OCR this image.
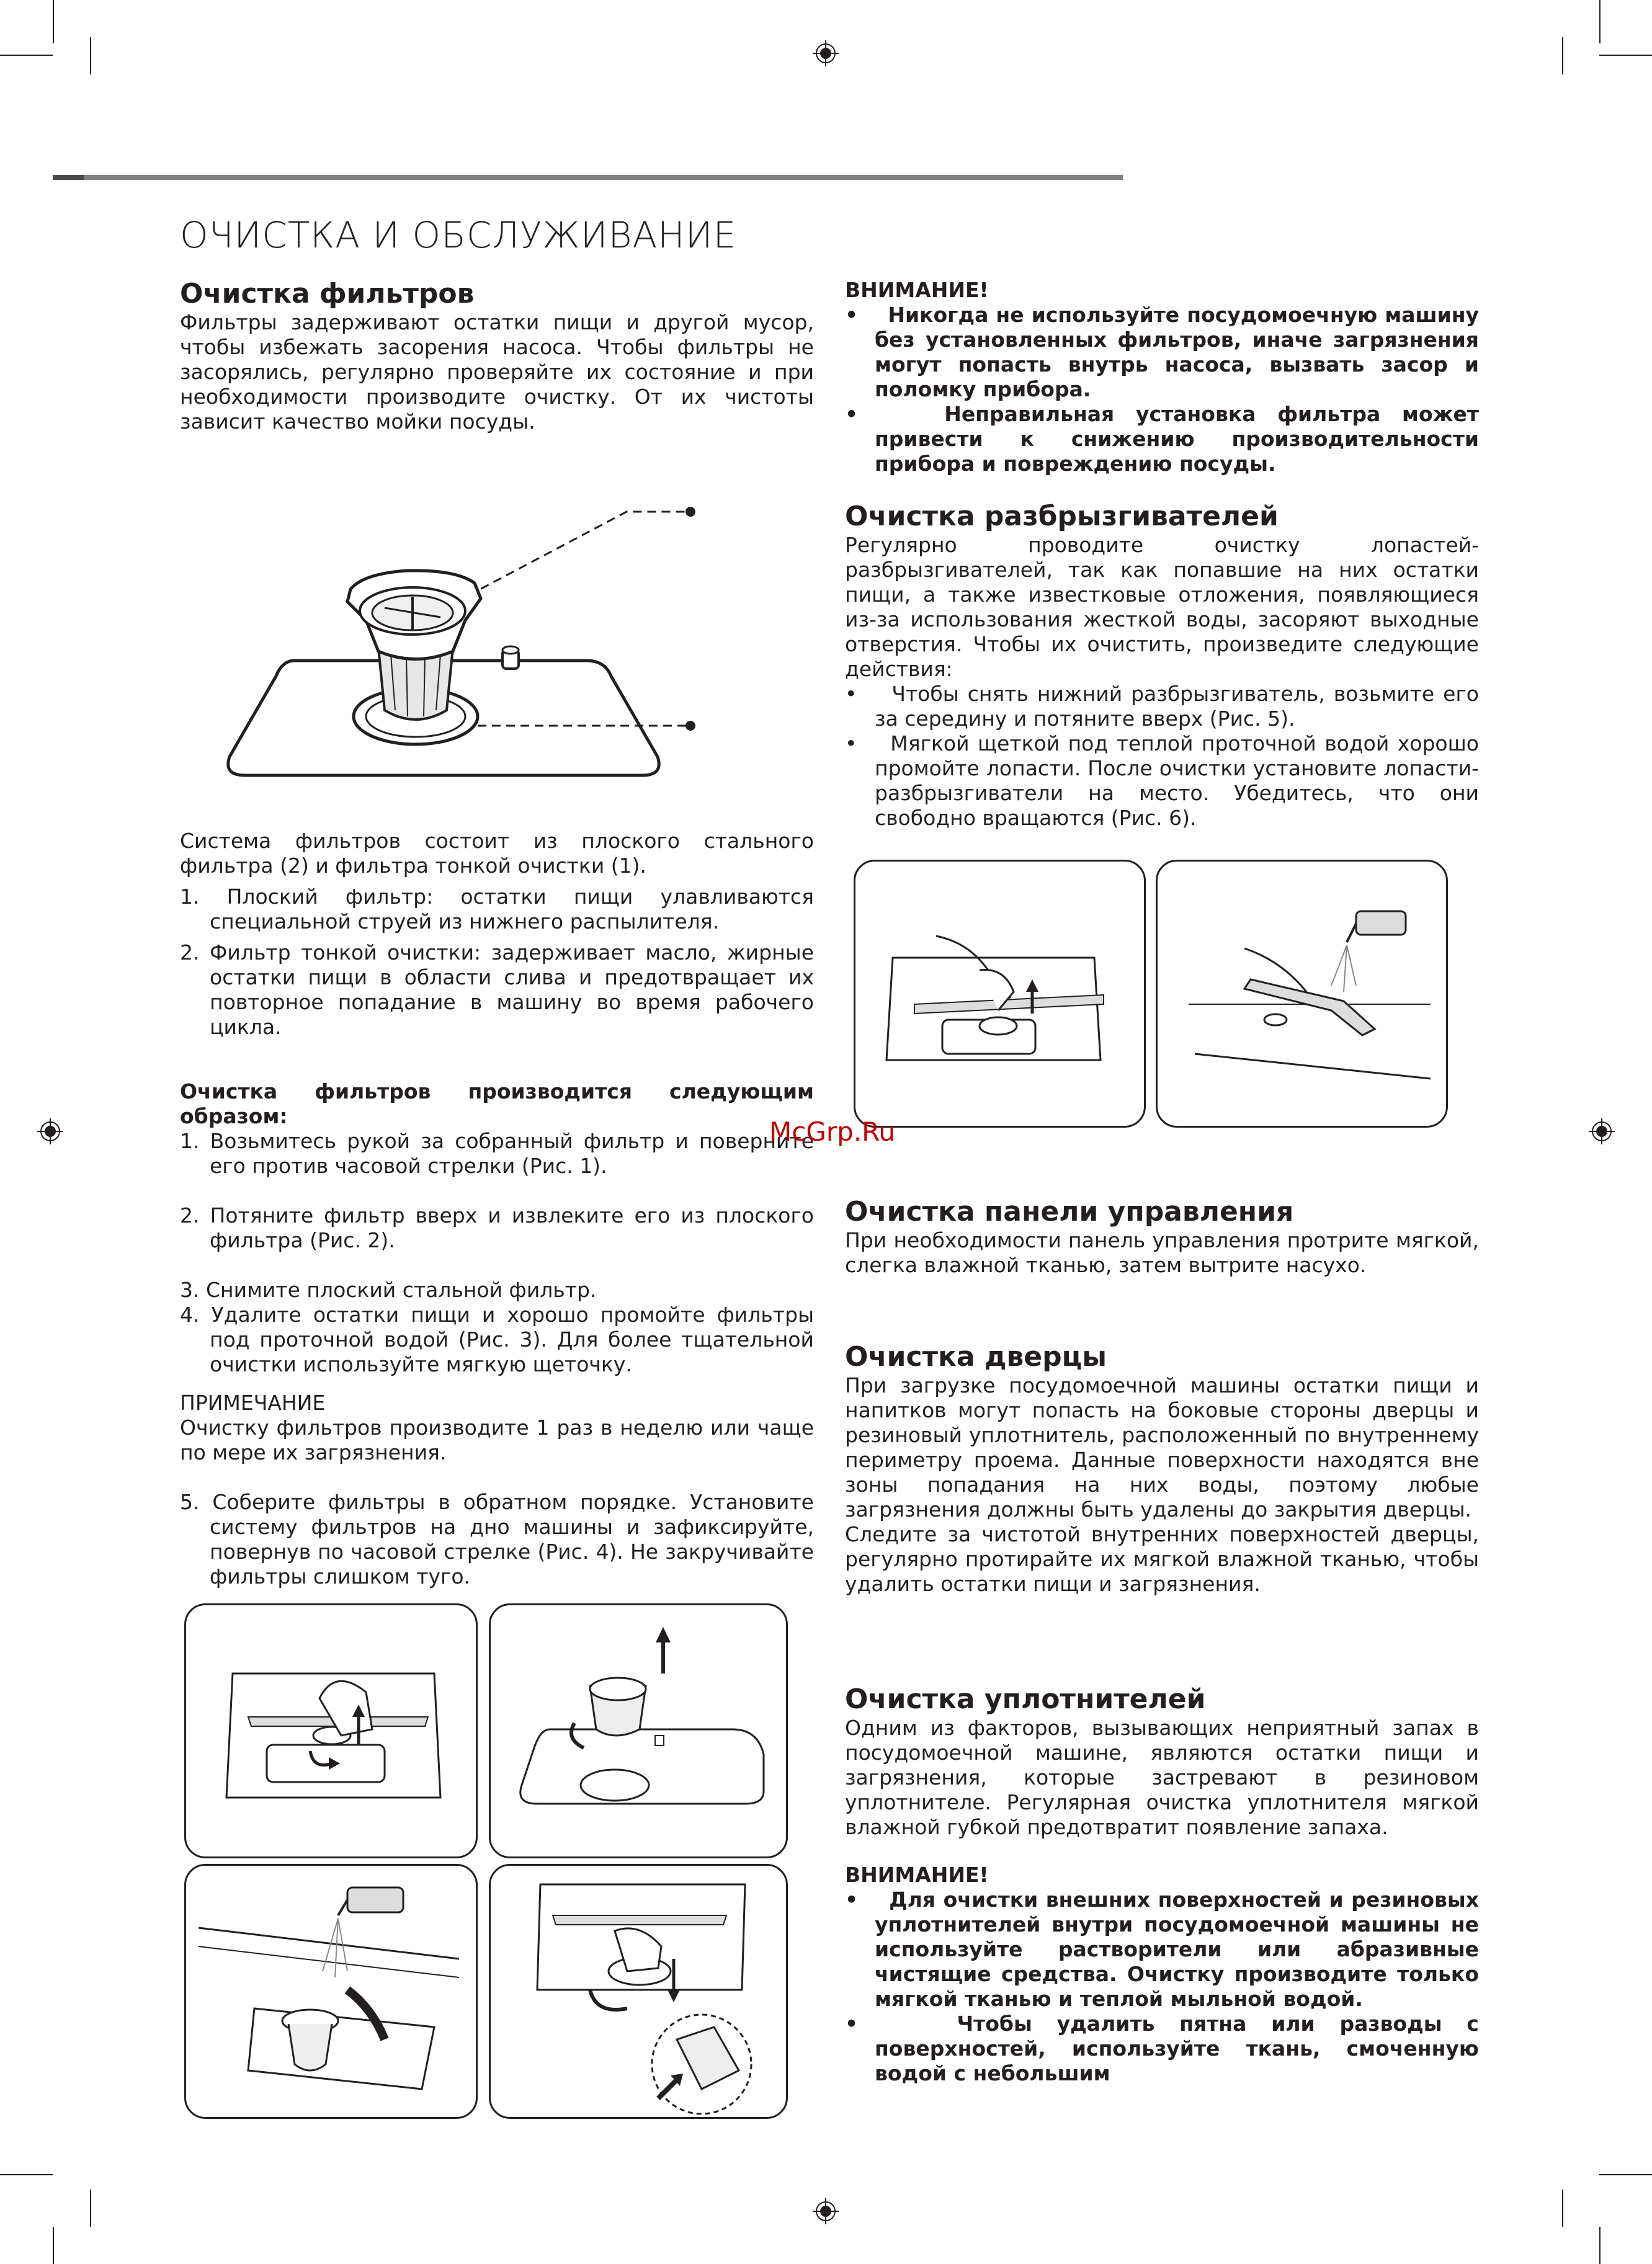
ОЧИСТКА И ОБСЛУЖИВАНИЕ
Очистка фильтров

Фильтры задерживают остатки пищи и другой мусор, чтобы избежать засорения насоса. Чтобы фильтры не засорялись, регулярно проверяйте их состояние и при необходимости производите очистку. От их чистоты зависит качество мойки посуды.

Система фильтров состоит из плоского стального фильтра (2) и фильтра тонкой очистки (1).

1. Плоский фильтр: остатки пищи улавливаются специальной струей из нижнего распылителя.

2. Фильтр тонкой очистки: задерживает масло, жирные остатки пищи в области слива и предотвращает их повторное попадание в машину во время рабочего цикла.

Очистка фильтров производится следующим образом:

1. Возьмитесь рукой за собранный фильтр и поверните его против часовой стрелки (Рис. 1).

2. Потяните фильтр вверх и извлеките его из плоского фильтра (Рис. 2).

3. Снимите плоский стальной фильтр.

4. Удалите остатки пищи и хорошо промойте фильтры под проточной водой (Рис. 3). Для более тщательной очистки используйте мягкую щеточку.

ПРИМЕЧАНИЕ

Очистку фильтров производите 1 раз в неделю или чаще по мере их загрязнения.

5. Соберите фильтры в обратном порядке. Установите систему фильтров на дно машины и зафиксируйте, повернув по часовой стрелке (Рис. 4). Не закручивайте фильтры слишком туго.

ВНИМАНИЕ!

•    Никогда не используйте посудомоечную машину без установленных фильтров, иначе загрязнения могут попасть внутрь насоса, вызвать засор и поломку прибора.

•    Неправильная установка фильтра может привести к снижению производительности прибора и повреждению посуды.

Очистка разбрызгивателей

Регулярно проводите очистку лопастей-разбрызгивателей, так как попавшие на них остатки пищи, а также известковые отложения, появляющиеся из-за использования жесткой воды, засоряют выходные отверстия. Чтобы их очистить, произведите следующие действия:

•    Чтобы снять нижний разбрызгиватель, возьмите его за середину и потяните вверх (Рис. 5).

•    Мягкой щеткой под теплой проточной водой хорошо промойте лопасти. После очистки установите лопасти-разбрызгиватели на место. Убедитесь, что они свободно вращаются (Рис. 6).

McGrp.Ru
Очистка панели управления

При необходимости панель управления протрите мягкой, слегка влажной тканью, затем вытрите насухо.

Очистка дверцы

При загрузке посудомоечной машины остатки пищи и напитков могут попасть на боковые стороны дверцы и резиновый уплотнитель, расположенный по внутреннему периметру проема. Данные поверхности находятся вне зоны попадания на них воды, поэтому любые загрязнения должны быть удалены до закрытия дверцы.

Следите за чистотой внутренних поверхностей дверцы, регулярно протирайте их мягкой влажной тканью, чтобы удалить остатки пищи и загрязнения.

Очистка уплотнителей

Одним из факторов, вызывающих неприятный запах в посудомоечной машине, являются остатки пищи и загрязнения, которые застревают в резиновом уплотнителе. Регулярная очистка уплотнителя мягкой влажной губкой предотвратит появление запаха.

ВНИМАНИЕ!

•    Для очистки внешних поверхностей и резиновых уплотнителей внутри посудомоечной машины не используйте растворители или абразивные чистящие средства. Очистку производите только мягкой тканью и теплой мыльной водой.

•    Чтобы удалить пятна или разводы с поверхностей, используйте ткань, смоченную водой с небольшим
